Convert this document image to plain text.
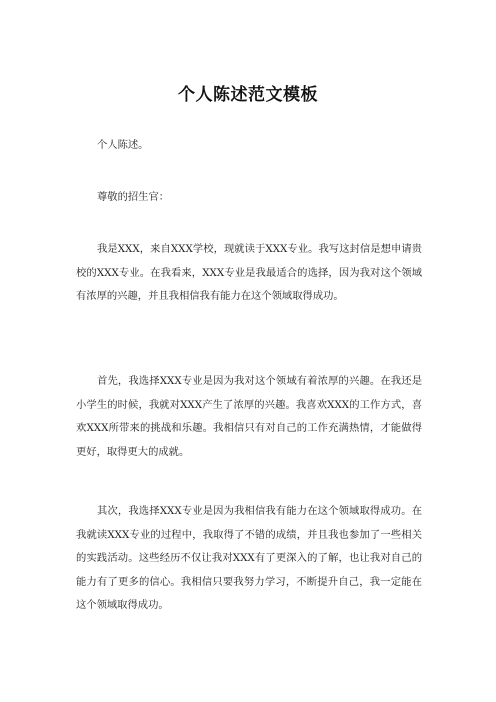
个人陈述范文模板

个人陈述。

尊敬的招生官：

我是XXX，来自XXX学校，现就读于XXX专业。我写这封信是想申请贵校的XXX专业。在我看来，XXX专业是我最适合的选择，因为我对这个领域有浓厚的兴趣，并且我相信我有能力在这个领域取得成功。

首先，我选择XXX专业是因为我对这个领域有着浓厚的兴趣。在我还是小学生的时候，我就对XXX产生了浓厚的兴趣。我喜欢XXX的工作方式，喜欢XXX所带来的挑战和乐趣。我相信只有对自己的工作充满热情，才能做得更好，取得更大的成就。

其次，我选择XXX专业是因为我相信我有能力在这个领域取得成功。在我就读XXX专业的过程中，我取得了不错的成绩，并且我也参加了一些相关的实践活动。这些经历不仅让我对XXX有了更深入的了解，也让我对自己的能力有了更多的信心。我相信只要我努力学习，不断提升自己，我一定能在这个领域取得成功。
